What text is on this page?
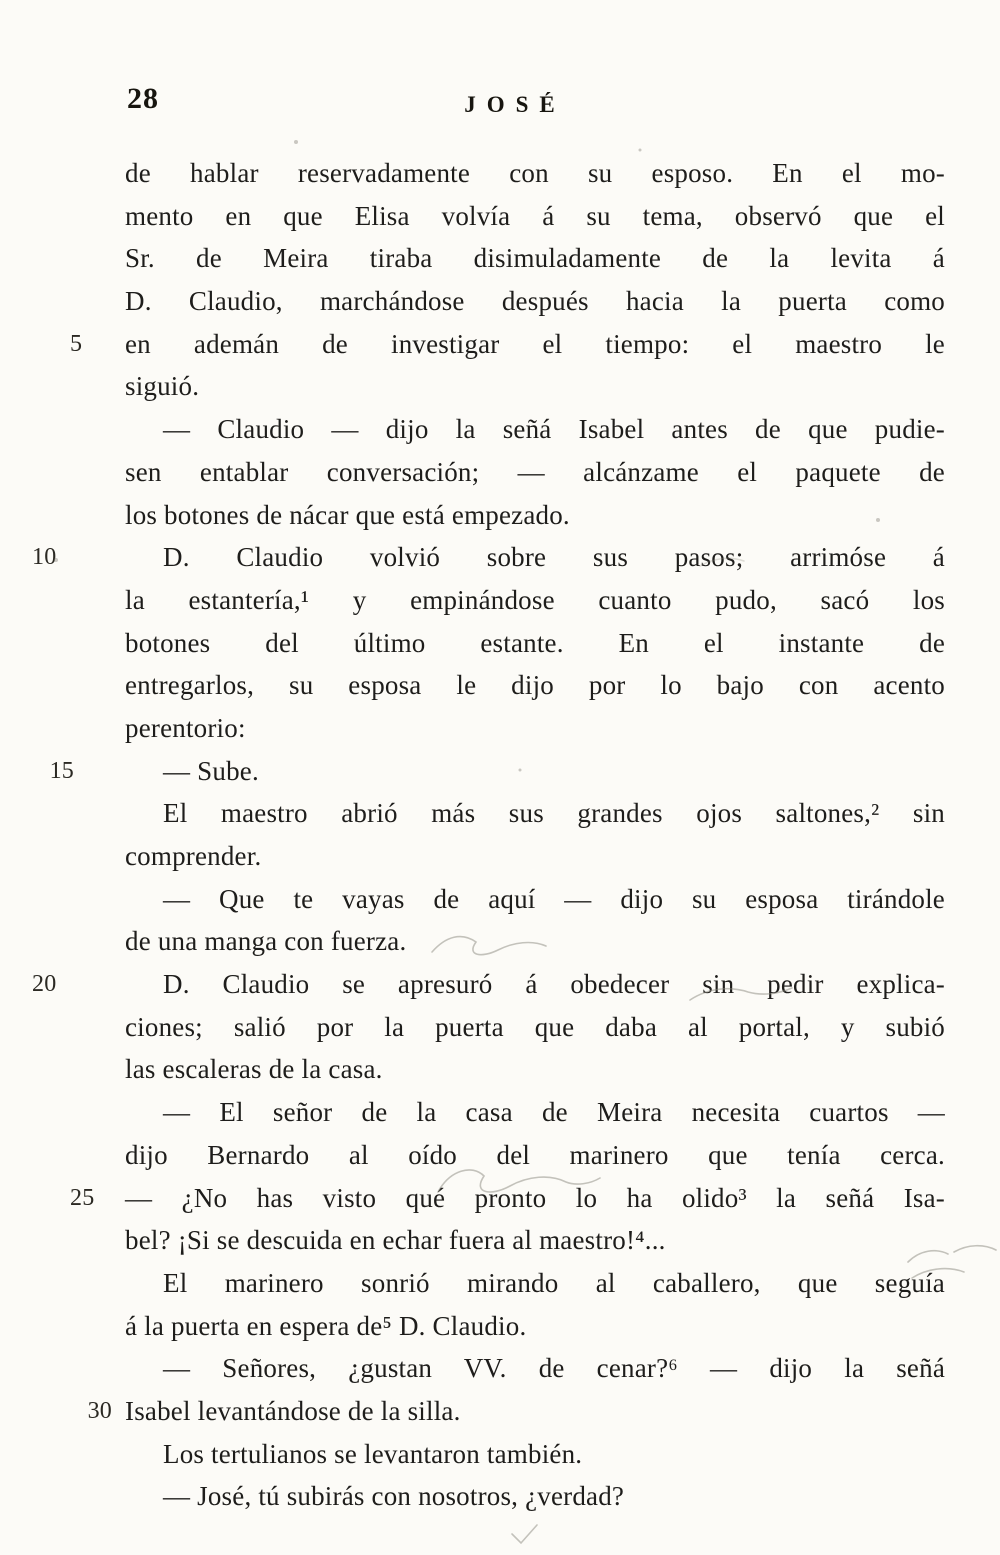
28	JOSÉ
de hablar reservadamente con su esposo. En el mo-
mento en que Elisa volvía á su tema, observó que el
Sr. de Meira tiraba disimuladamente de la levita á
D. Claudio, marchándose después hacia la puerta como
5	en ademán de investigar el tiempo: el maestro le
siguió.
— Claudio — dijo la señá Isabel antes de que pudie-
sen entablar conversación; — alcánzame el paquete de
los botones de nácar que está empezado.
10	D. Claudio volvió sobre sus pasos; arrimóse á
la estantería,¹ y empinándose cuanto pudo, sacó los
botones del último estante. En el instante de
entregarlos, su esposa le dijo por lo bajo con acento
perentorio:
15	— Sube.
El maestro abrió más sus grandes ojos saltones,² sin
comprender.
— Que te vayas de aquí — dijo su esposa tirándole
de una manga con fuerza.
20	D. Claudio se apresuró á obedecer sin pedir explica-
ciones; salió por la puerta que daba al portal, y subió
las escaleras de la casa.
— El señor de la casa de Meira necesita cuartos —
dijo Bernardo al oído del marinero que tenía cerca.
25	— ¿No has visto qué pronto lo ha olido³ la señá Isa-
bel? ¡Si se descuida en echar fuera al maestro!⁴...
El marinero sonrió mirando al caballero, que seguía
á la puerta en espera de⁵ D. Claudio.
— Señores, ¿gustan VV. de cenar?⁶ — dijo la señá
30 Isabel levantándose de la silla.
Los tertulianos se levantaron también.
— José, tú subirás con nosotros, ¿verdad?
